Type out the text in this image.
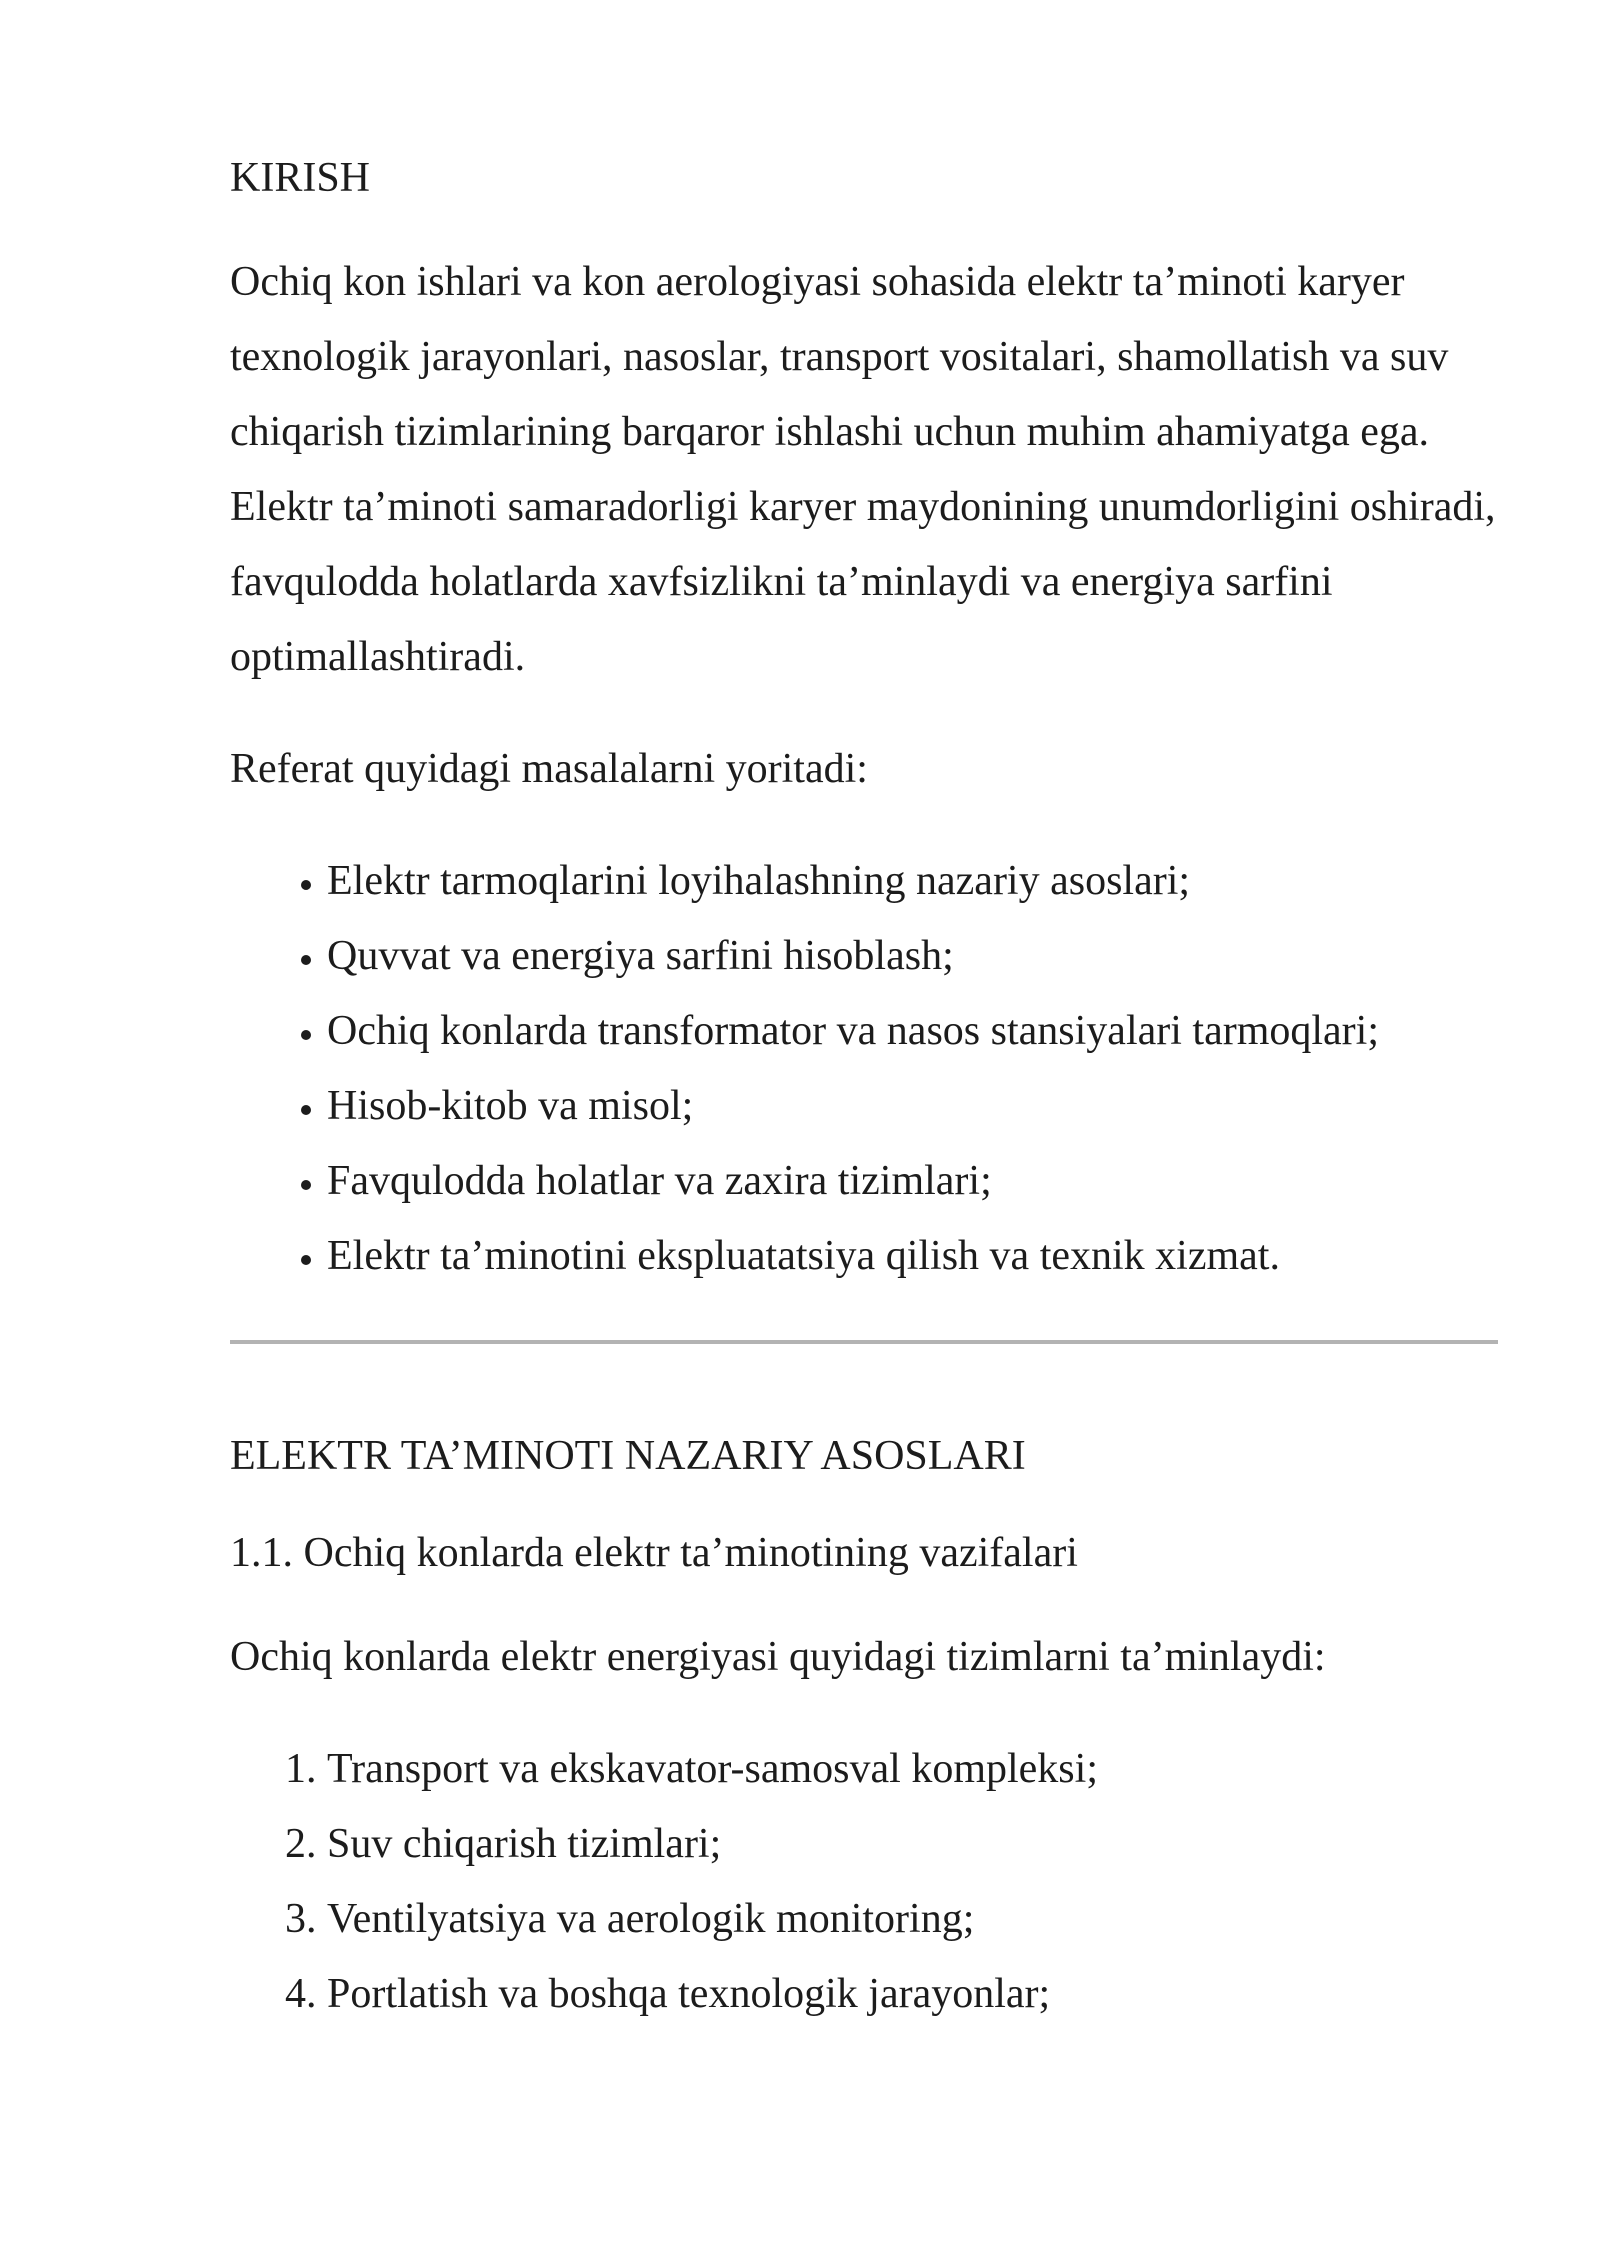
KIRISH

Ochiq kon ishlari va kon aerologiyasi sohasida elektr ta’minoti karyer texnologik jarayonlari, nasoslar, transport vositalari, shamollatish va suv chiqarish tizimlarining barqaror ishlashi uchun muhim ahamiyatga ega. Elektr ta’minoti samaradorligi karyer maydonining unumdorligini oshiradi, favqulodda holatlarda xavfsizlikni ta’minlaydi va energiya sarfini optimallashtiradi.

Referat quyidagi masalalarni yoritadi:

• Elektr tarmoqlarini loyihalashning nazariy asoslari;
• Quvvat va energiya sarfini hisoblash;
• Ochiq konlarda transformator va nasos stansiyalari tarmoqlari;
• Hisob-kitob va misol;
• Favqulodda holatlar va zaxira tizimlari;
• Elektr ta’minotini ekspluatatsiya qilish va texnik xizmat.
ELEKTR TA’MINOTI NAZARIY ASOSLARI
1.1. Ochiq konlarda elektr ta’minotining vazifalari

Ochiq konlarda elektr energiyasi quyidagi tizimlarni ta’minlaydi:

1. Transport va ekskavator-samosval kompleksi;
2. Suv chiqarish tizimlari;
3. Ventilyatsiya va aerologik monitoring;
4. Portlatish va boshqa texnologik jarayonlar;
